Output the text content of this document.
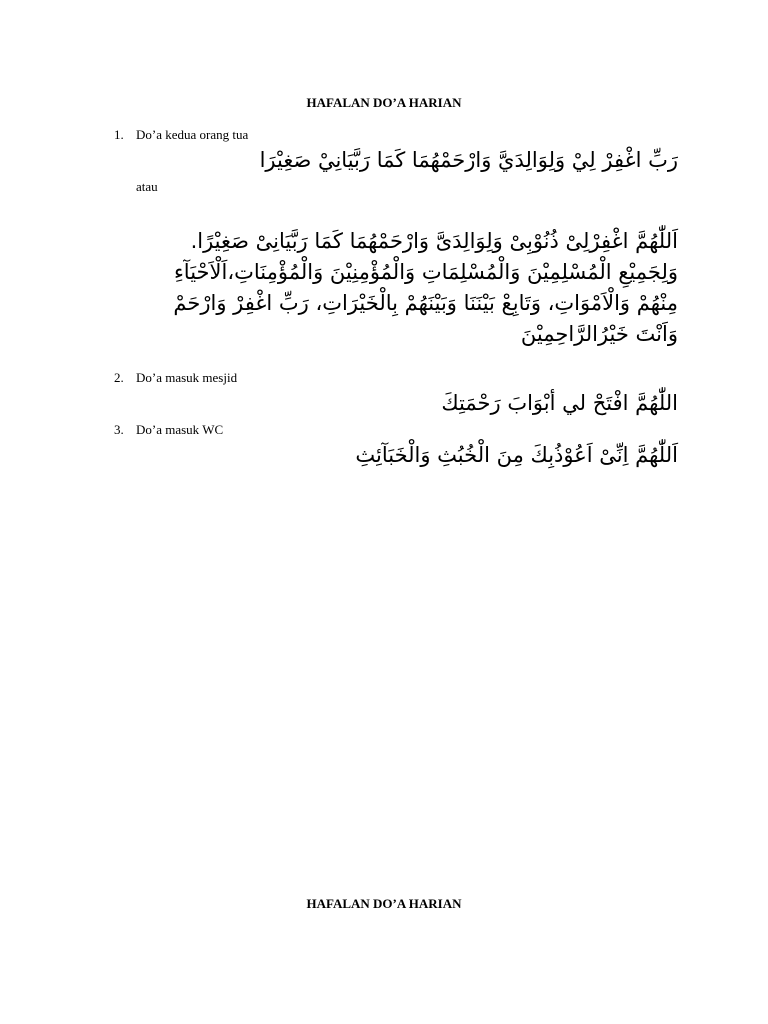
HAFALAN DO’A HARIAN
1. Do’a kedua orang tua
رَبِّ اغْفِرْ لِيْ وَلِوَالِدَيَّ وَارْحَمْهُمَا كَمَا رَبَّيَانِيْ صَغِيْرَا
atau
اَللّٰهُمَّ اغْفِرْلِىْ ذُنُوْبِىْ وَلِوَالِدَىَّ وَارْحَمْهُمَا كَمَا رَبَّيَانِىْ صَغِيْرًا.
وَلِجَمِيْعِ الْمُسْلِمِيْنَ وَالْمُسْلِمَاتِ وَالْمُؤْمِنِيْنَ وَالْمُؤْمِنَاتِ،اَلْاَحْيَآءِ
مِنْهُمْ وَالْاَمْوَاتِ، وَتَابِعْ بَيْنَنَا وَبَيْنَهُمْ بِالْخَيْرَاتِ، رَبِّ اغْفِرْ وَارْحَمْ
وَاَنْتَ خَيْرُالرَّاحِمِيْنَ
2. Do’a masuk mesjid
اللّٰهُمَّ افْتَحْ لي أبْوَابَ رَحْمَتِكَ
3. Do’a masuk WC
اَللّٰهُمَّ اِنِّىْ اَعُوْذُبِكَ مِنَ الْخُبُثِ وَالْخَبَآئِثِ
HAFALAN DO’A HARIAN
